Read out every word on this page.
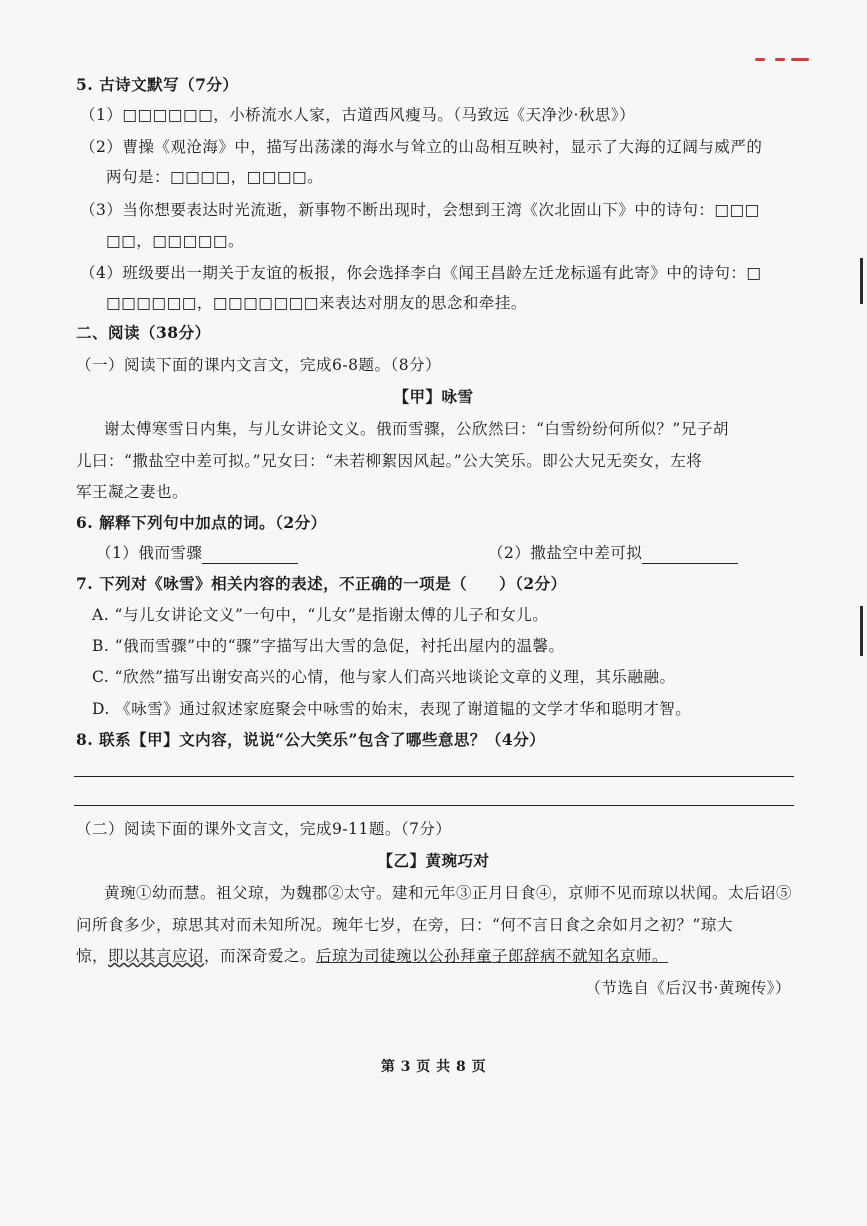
5. 古诗文默写（7分）
（1）□□□□□□，小桥流水人家，古道西风瘦马。（马致远《天净沙·秋思》）
（2）曹操《观沧海》中，描写出荡漾的海水与耸立的山岛相互映衬，显示了大海的辽阔与威严的
两句是：□□□□，□□□□。
（3）当你想要表达时光流逝，新事物不断出现时，会想到王湾《次北固山下》中的诗句：□□□
□□，□□□□□。
（4）班级要出一期关于友谊的板报，你会选择李白《闻王昌龄左迁龙标遥有此寄》中的诗句：□
□□□□□□，□□□□□□□来表达对朋友的思念和牵挂。
二、阅读（38分）
（一）阅读下面的课内文言文，完成6-8题。（8分）
【甲】咏雪
谢太傅寒雪日内集，与儿女讲论文义。俄而雪骤，公欣然曰：“白雪纷纷何所似？”兄子胡
儿曰：“撒盐空中差可拟。”兄女曰：“未若柳絮因风起。”公大笑乐。即公大兄无奕女，左将
军王凝之妻也。
6. 解释下列句中加点的词。（2分）
（1）俄而雪骤	（2）撒盐空中差可拟
7. 下列对《咏雪》相关内容的表述，不正确的一项是（　　）（2分）
A. “与儿女讲论文义”一句中，“儿女”是指谢太傅的儿子和女儿。
B. “俄而雪骤”中的“骤”字描写出大雪的急促，衬托出屋内的温馨。
C. “欣然”描写出谢安高兴的心情，他与家人们高兴地谈论文章的义理，其乐融融。
D. 《咏雪》通过叙述家庭聚会中咏雪的始末，表现了谢道韫的文学才华和聪明才智。
8. 联系【甲】文内容，说说“公大笑乐”包含了哪些意思？（4分）
（二）阅读下面的课外文言文，完成9-11题。（7分）
【乙】黄琬巧对
黄琬①幼而慧。祖父琼，为魏郡②太守。建和元年③正月日食④，京师不见而琼以状闻。太后诏⑤
问所食多少，琼思其对而未知所况。琬年七岁，在旁，曰：“何不言日食之余如月之初？”琼大
惊，即以其言应诏，而深奇爱之。后琼为司徒琬以公孙拜童子郎辞病不就知名京师。
（节选自《后汉书·黄琬传》）
第 3 页 共 8 页
